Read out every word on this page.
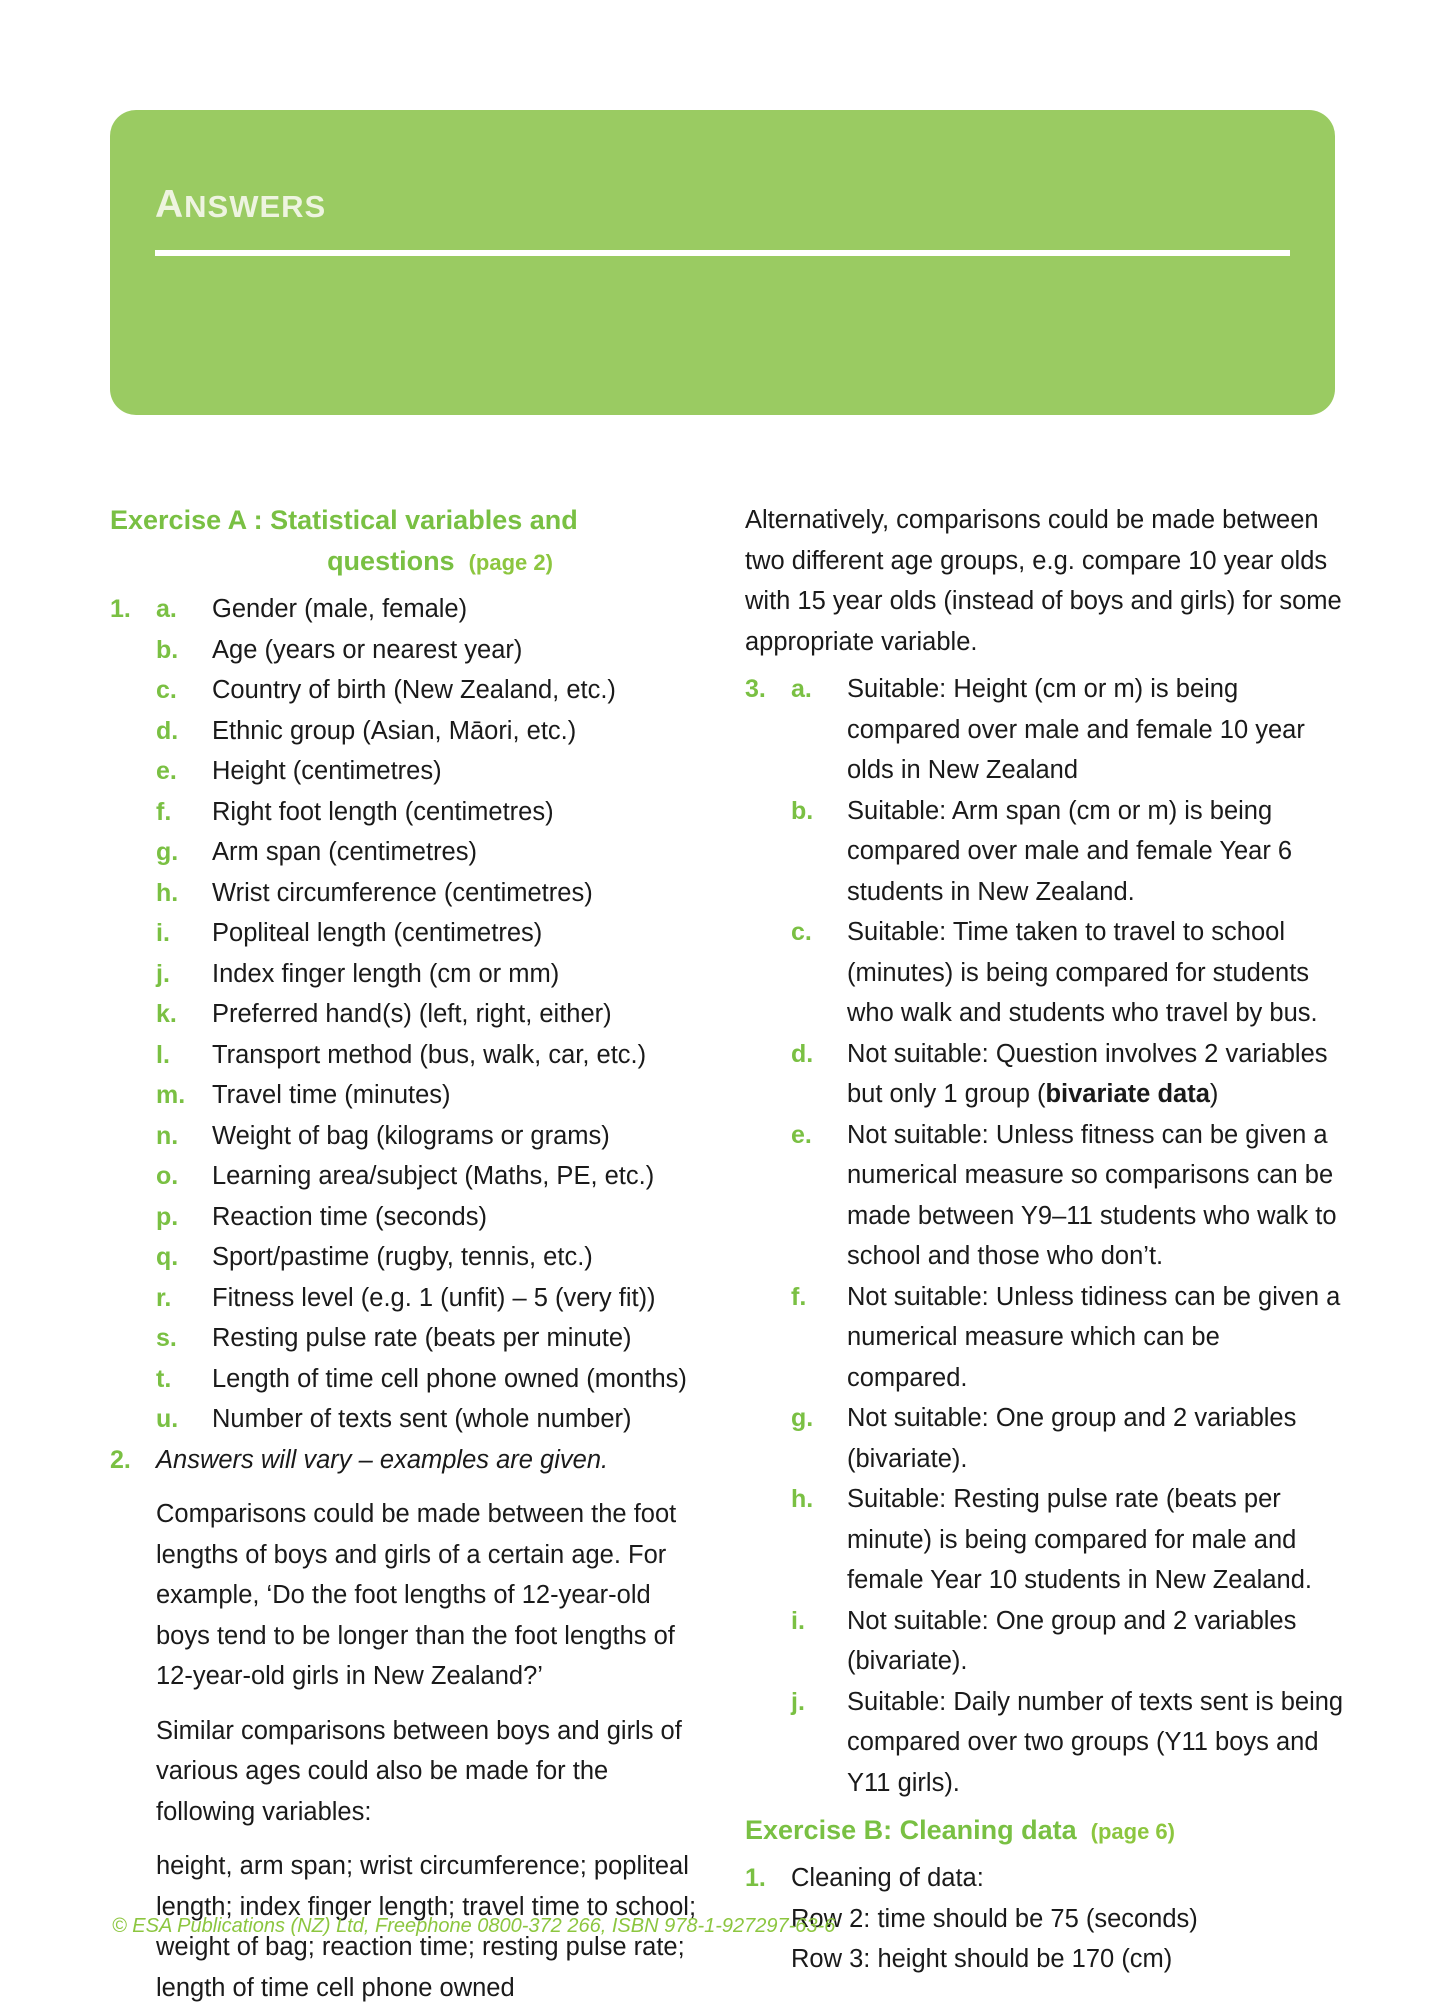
answers
Exercise A : Statistical variables and
questions (page 2)
1.	a.	Gender (male, female)
b.	Age (years or nearest year)
c.	Country of birth (New Zealand, etc.)
d.	Ethnic group (Asian, Māori, etc.)
e.	Height (centimetres)
f.	Right foot length (centimetres)
g.	Arm span (centimetres)
h.	Wrist circumference (centimetres)
i.	Popliteal length (centimetres)
j.	Index finger length (cm or mm)
k.	Preferred hand(s) (left, right, either)
l.	Transport method (bus, walk, car, etc.)
m.	Travel time (minutes)
n.	Weight of bag (kilograms or grams)
o.	Learning area/subject (Maths, PE, etc.)
p.	Reaction time (seconds)
q.	Sport/pastime (rugby, tennis, etc.)
r.	Fitness level (e.g. 1 (unfit) – 5 (very fit))
s.	Resting pulse rate (beats per minute)
t.	Length of time cell phone owned (months)
u.	Number of texts sent (whole number)
2. Answers will vary – examples are given.
Comparisons could be made between the foot lengths of boys and girls of a certain age. For example, ‘Do the foot lengths of 12-year-old boys tend to be longer than the foot lengths of 12-year-old girls in New Zealand?’
Similar comparisons between boys and girls of various ages could also be made for the following variables:
height, arm span; wrist circumference; popliteal length; index finger length; travel time to school; weight of bag; reaction time; resting pulse rate; length of time cell phone owned
Alternatively, comparisons could be made between two different age groups, e.g. compare 10 year olds with 15 year olds (instead of boys and girls) for some appropriate variable.
3.	a.	Suitable: Height (cm or m) is being compared over male and female 10 year olds in New Zealand
b.	Suitable: Arm span (cm or m) is being compared over male and female Year 6 students in New Zealand.
c.	Suitable: Time taken to travel to school (minutes) is being compared for students who walk and students who travel by bus.
d.	Not suitable: Question involves 2 variables but only 1 group (bivariate data)
e.	Not suitable: Unless fitness can be given a numerical measure so comparisons can be made between Y9–11 students who walk to school and those who don’t.
f.	Not suitable: Unless tidiness can be given a numerical measure which can be compared.
g.	Not suitable: One group and 2 variables (bivariate).
h.	Suitable: Resting pulse rate (beats per minute) is being compared for male and female Year 10 students in New Zealand.
i.	Not suitable: One group and 2 variables (bivariate).
j.	Suitable: Daily number of texts sent is being compared over two groups (Y11 boys and Y11 girls).
Exercise B: Cleaning data (page 6)
1. Cleaning of data:
Row 2: time should be 75 (seconds)
Row 3: height should be 170 (cm)
© ESA Publications (NZ) Ltd, Freephone 0800-372 266, ISBN 978-1-927297-63-6
